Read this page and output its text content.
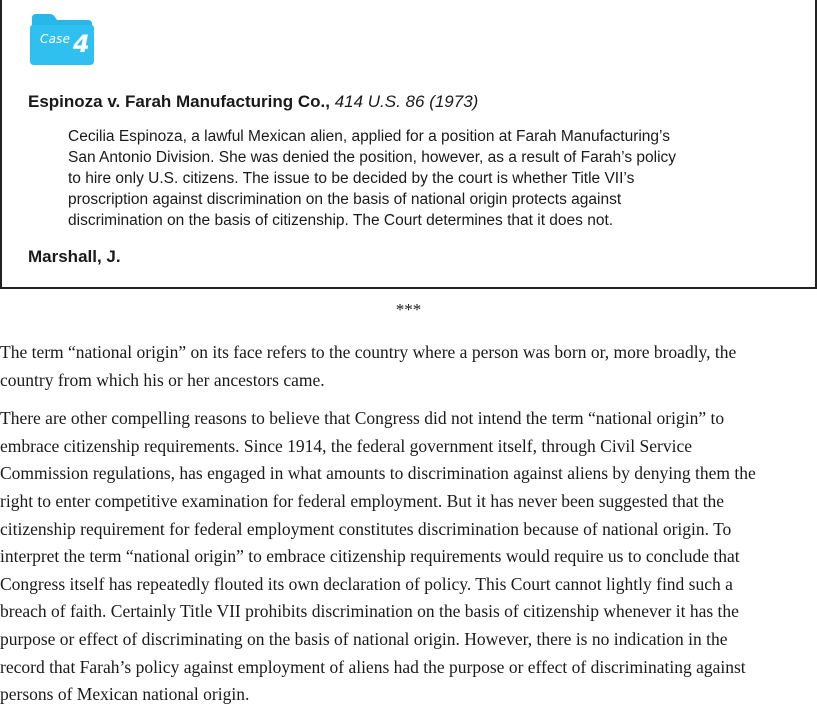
Case 4
Espinoza v. Farah Manufacturing Co., 414 U.S. 86 (1973)
Cecilia Espinoza, a lawful Mexican alien, applied for a position at Farah Manufacturing’s
San Antonio Division. She was denied the position, however, as a result of Farah’s policy
to hire only U.S. citizens. The issue to be decided by the court is whether Title VII’s
proscription against discrimination on the basis of national origin protects against
discrimination on the basis of citizenship. The Court determines that it does not.
Marshall, J.
***
The term “national origin” on its face refers to the country where a person was born or, more broadly, the
country from which his or her ancestors came.
There are other compelling reasons to believe that Congress did not intend the term “national origin” to
embrace citizenship requirements. Since 1914, the federal government itself, through Civil Service
Commission regulations, has engaged in what amounts to discrimination against aliens by denying them the
right to enter competitive examination for federal employment. But it has never been suggested that the
citizenship requirement for federal employment constitutes discrimination because of national origin. To
interpret the term “national origin” to embrace citizenship requirements would require us to conclude that
Congress itself has repeatedly flouted its own declaration of policy. This Court cannot lightly find such a
breach of faith. Certainly Title VII prohibits discrimination on the basis of citizenship whenever it has the
purpose or effect of discriminating on the basis of national origin. However, there is no indication in the
record that Farah’s policy against employment of aliens had the purpose or effect of discriminating against
persons of Mexican national origin.
